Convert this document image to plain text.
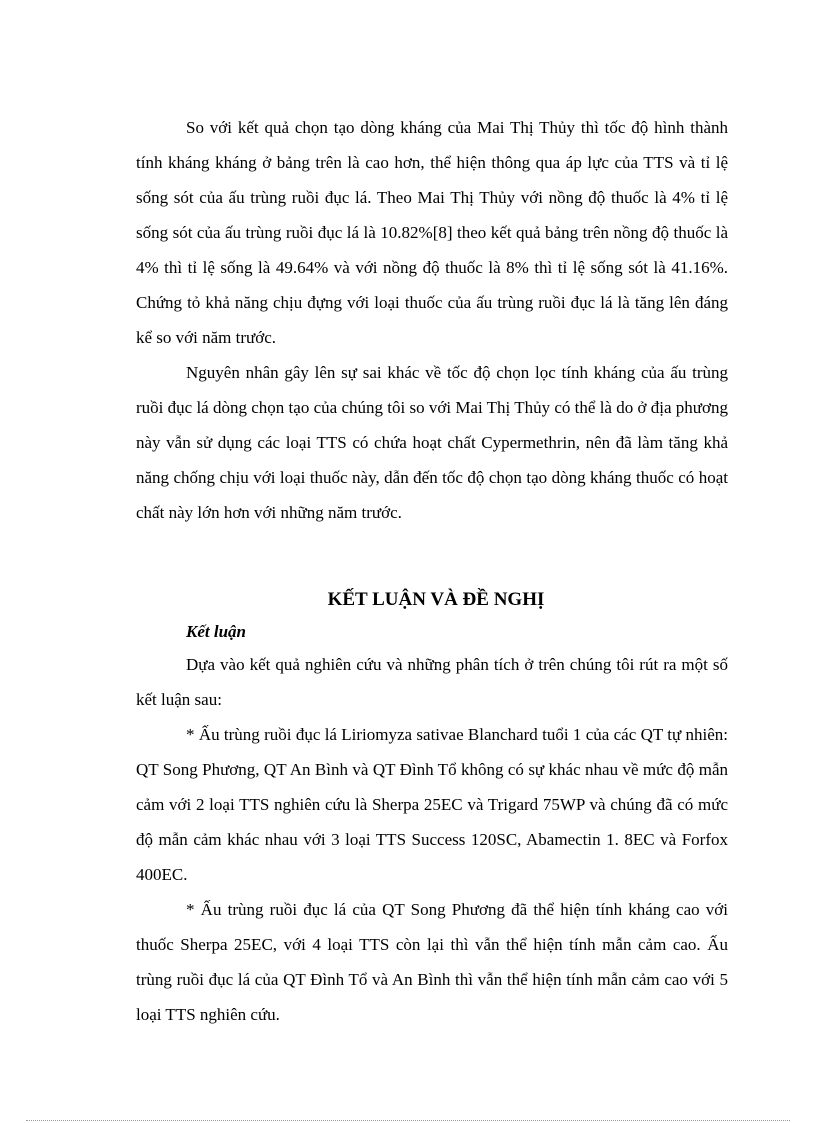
So với kết quả chọn tạo dòng kháng của Mai Thị Thủy thì tốc độ hình thành tính kháng kháng ở bảng trên là cao hơn, thể hiện thông qua áp lực của TTS và tỉ lệ sống sót của ấu trùng ruồi đục lá. Theo Mai Thị Thủy với nồng độ thuốc là 4% tỉ lệ sống sót của ấu trùng ruồi đục lá là 10.82%[8] theo kết quả bảng trên nồng độ thuốc là 4% thì tỉ lệ sống là 49.64% và với nồng độ thuốc là 8% thì tỉ lệ sống sót là 41.16%. Chứng tỏ khả năng chịu đựng với loại thuốc của ấu trùng ruồi đục lá là tăng lên đáng kể so với năm trước.

Nguyên nhân gây lên sự sai khác về tốc độ chọn lọc tính kháng của ấu trùng ruồi đục lá dòng chọn tạo của chúng tôi so với Mai Thị Thủy có thể là do ở địa phương này vẫn sử dụng các loại TTS có chứa hoạt chất Cypermethrin, nên đã làm tăng khả năng chống chịu với loại thuốc này, dẫn đến tốc độ chọn tạo dòng kháng thuốc có hoạt chất này lớn hơn với những năm trước.

KẾT LUẬN VÀ ĐỀ NGHỊ
Kết luận

Dựa vào kết quả nghiên cứu và những phân tích ở trên chúng tôi rút ra một số kết luận sau:

* Ấu trùng ruồi đục lá Liriomyza sativae Blanchard tuổi 1 của các QT tự nhiên: QT Song Phương, QT An Bình và QT Đình Tổ không có sự khác nhau về mức độ mẫn cảm với 2 loại TTS nghiên cứu là Sherpa 25EC và Trigard 75WP và chúng đã có mức độ mẫn cảm khác nhau với 3 loại TTS Success 120SC, Abamectin 1. 8EC và Forfox 400EC.

* Ấu trùng ruồi đục lá của QT Song Phương đã thể hiện tính kháng cao với thuốc Sherpa 25EC, với 4 loại TTS còn lại thì vẫn thể hiện tính mẫn cảm cao. Ấu trùng ruồi đục lá của QT Đình Tổ và An Bình thì vẫn thể hiện tính mẫn cảm cao với 5 loại TTS nghiên cứu.
